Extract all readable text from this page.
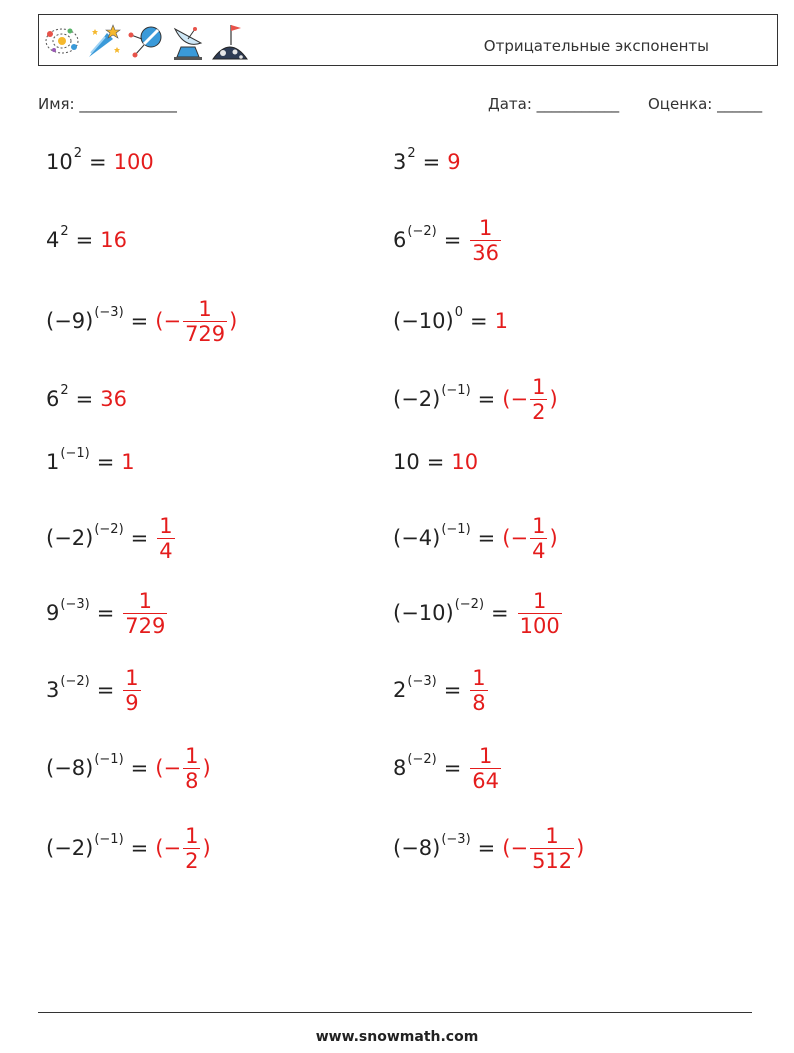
Отрицательные экспоненты
Имя: _____________	Дата: ___________ Оценка: ______
10 2 = 100	3 2 = 9
4 2 = 16	6 $(-2) = \frac{1}{36}$
(−9) (−3) = (− $\frac{1}{729}$ )	(−10) 0 = 1
6 2 = 36	(−2) (−1) = (− $\frac{1}{2}$ )
1 (−1) = 1	10 = 10
(−2) $(-2) = \frac{1}{4}$	(−4) (−1) = (− $\frac{1}{4}$ )
9 $(-3) = \frac{1}{729}$	(−10) $(-2) = \frac{1}{100}$
3 $(-2) = \frac{1}{9}$	2 $(-3) = \frac{1}{8}$
(−8) (−1) = (− $\frac{1}{8}$ )	8 $(-2) = \frac{1}{64}$
(−2) (−1) = (− $\frac{1}{2}$ )	(−8) (−3) = (− $\frac{1}{512}$ )
www.snowmath.com
